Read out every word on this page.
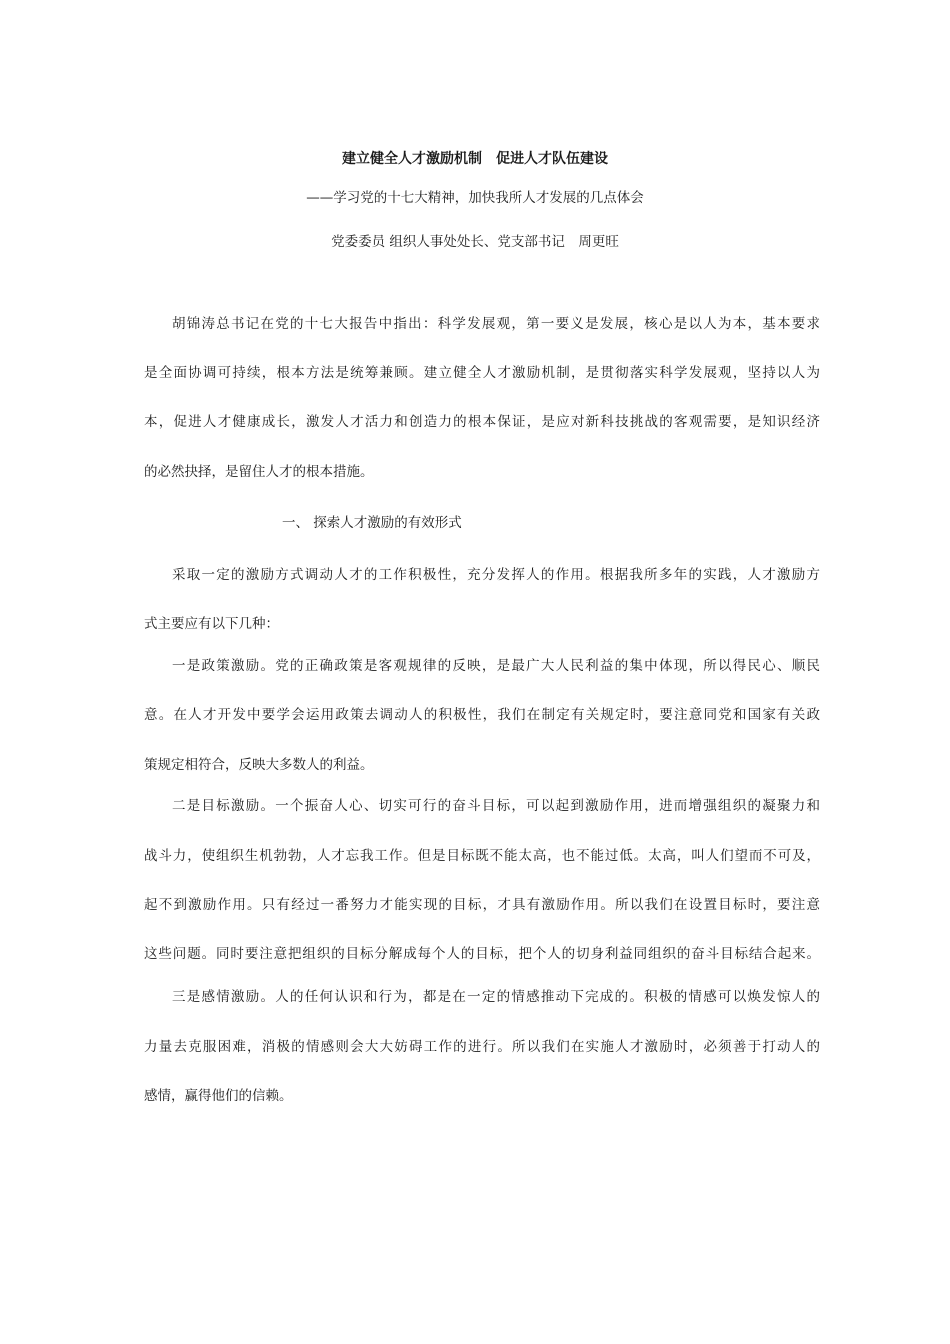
建立健全人才激励机制　促进人才队伍建设
——学习党的十七大精神，加快我所人才发展的几点体会
党委委员 组织人事处处长、党支部书记　周更旺
胡锦涛总书记在党的十七大报告中指出：科学发展观，第一要义是发展，核心是以人为本，基本要求
是全面协调可持续，根本方法是统筹兼顾。建立健全人才激励机制，是贯彻落实科学发展观，坚持以人为
本，促进人才健康成长，激发人才活力和创造力的根本保证，是应对新科技挑战的客观需要，是知识经济
的必然抉择，是留住人才的根本措施。
一、 探索人才激励的有效形式
采取一定的激励方式调动人才的工作积极性，充分发挥人的作用。根据我所多年的实践，人才激励方
式主要应有以下几种：
一是政策激励。党的正确政策是客观规律的反映，是最广大人民利益的集中体现，所以得民心、顺民
意。在人才开发中要学会运用政策去调动人的积极性，我们在制定有关规定时，要注意同党和国家有关政
策规定相符合，反映大多数人的利益。
二是目标激励。一个振奋人心、切实可行的奋斗目标，可以起到激励作用，进而增强组织的凝聚力和
战斗力，使组织生机勃勃，人才忘我工作。但是目标既不能太高，也不能过低。太高，叫人们望而不可及，
起不到激励作用。只有经过一番努力才能实现的目标，才具有激励作用。所以我们在设置目标时，要注意
这些问题。同时要注意把组织的目标分解成每个人的目标，把个人的切身利益同组织的奋斗目标结合起来。
三是感情激励。人的任何认识和行为，都是在一定的情感推动下完成的。积极的情感可以焕发惊人的
力量去克服困难，消极的情感则会大大妨碍工作的进行。所以我们在实施人才激励时，必须善于打动人的
感情，赢得他们的信赖。
